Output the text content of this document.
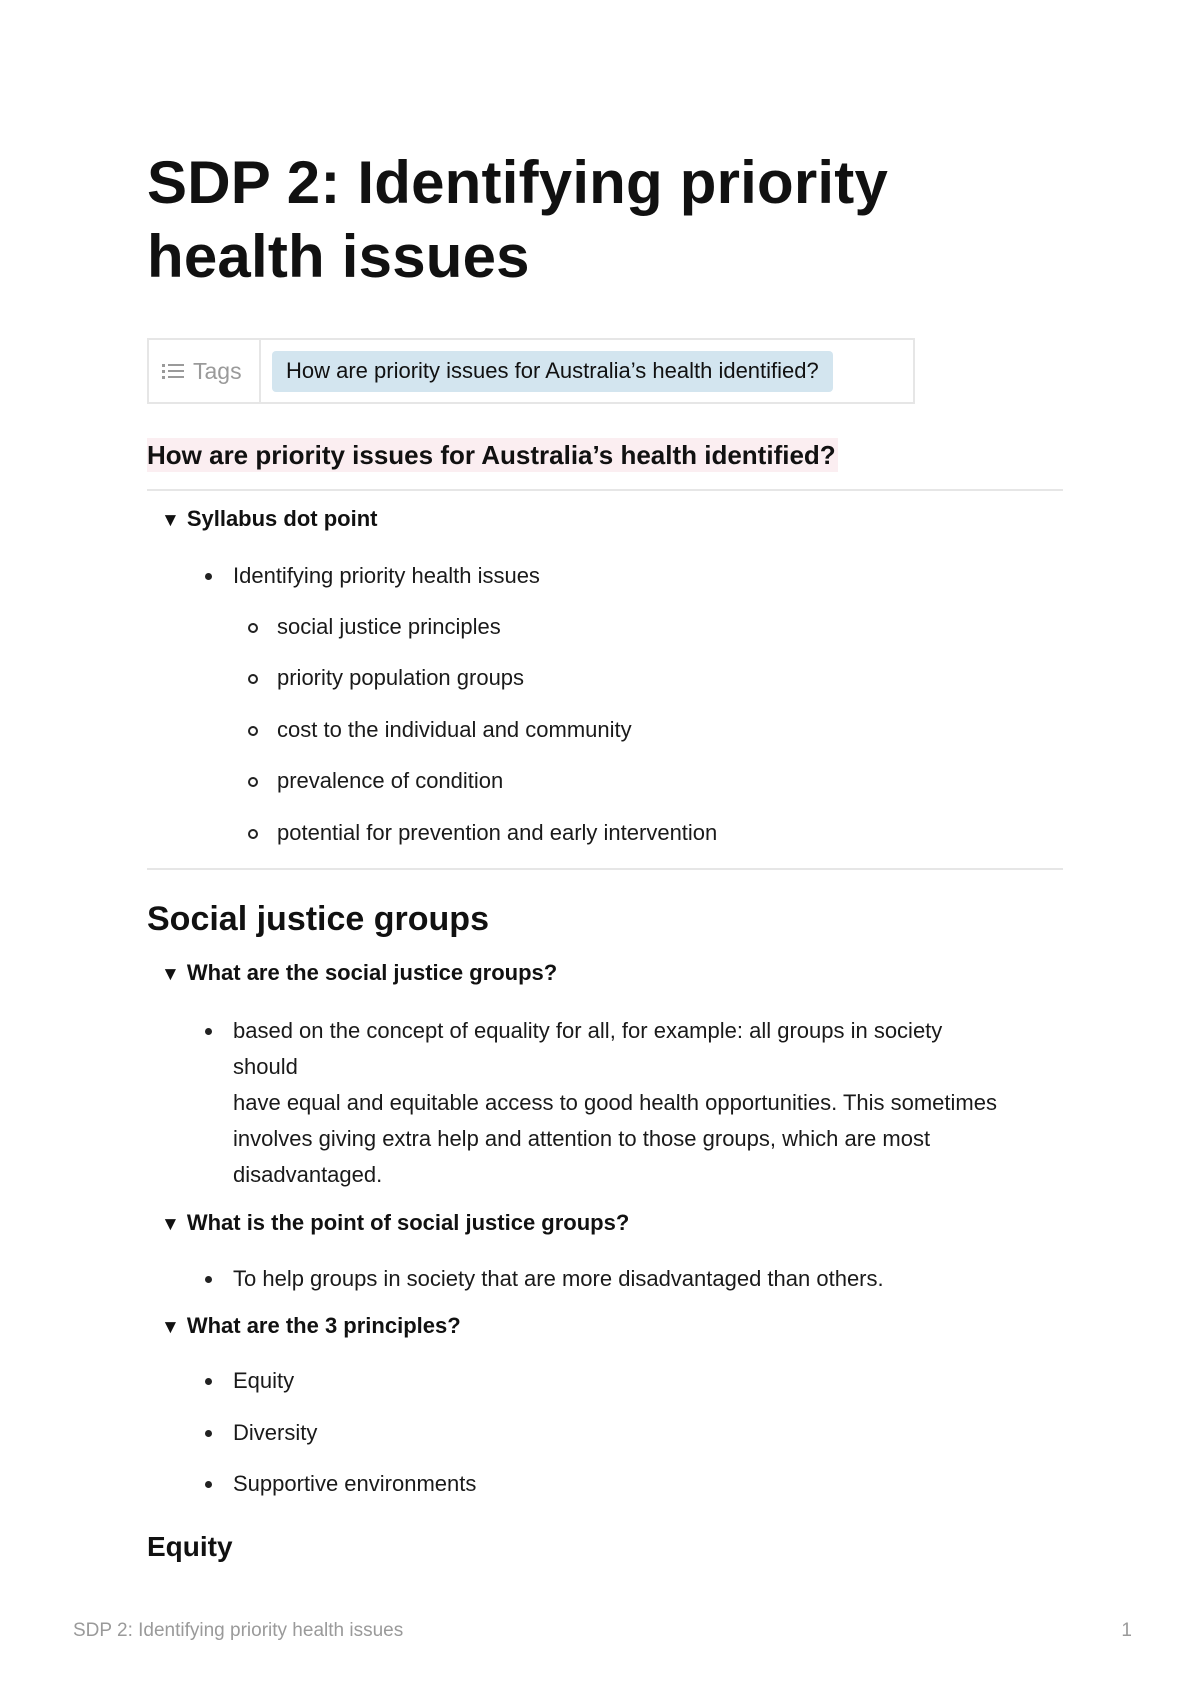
SDP 2: Identifying priority health issues
Tags	How are priority issues for Australia’s health identified?
How are priority issues for Australia’s health identified?
▼ Syllabus dot point
Identifying priority health issues
social justice principles
priority population groups
cost to the individual and community
prevalence of condition
potential for prevention and early intervention
Social justice groups
▼ What are the social justice groups?
based on the concept of equality for all, for example: all groups in society should
have equal and equitable access to good health opportunities. This sometimes involves giving extra help and attention to those groups, which are most disadvantaged.
▼ What is the point of social justice groups?
To help groups in society that are more disadvantaged than others.
▼ What are the 3 principles?
Equity
Diversity
Supportive environments
Equity
SDP 2: Identifying priority health issues	1
